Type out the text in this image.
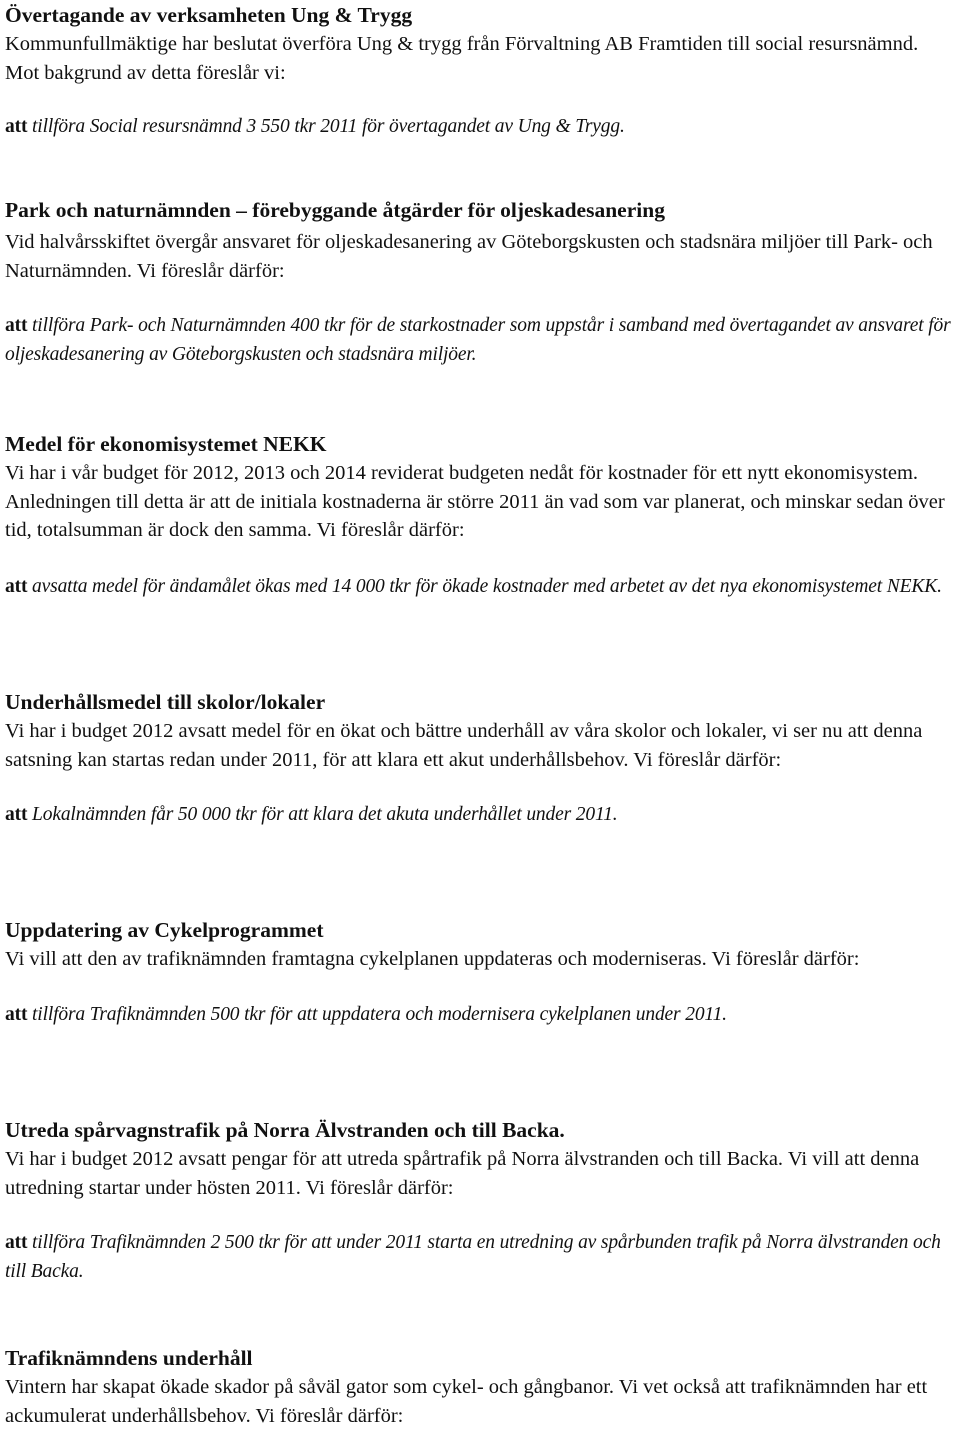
Övertagande av verksamheten Ung & Trygg

Kommunfullmäktige har beslutat överföra Ung & trygg från Förvaltning AB Framtiden till social resursnämnd. Mot bakgrund av detta föreslår vi:

att tillföra Social resursnämnd 3 550 tkr 2011 för övertagandet av Ung & Trygg.

Park och naturnämnden – förebyggande åtgärder för oljeskadesanering

Vid halvårsskiftet övergår ansvaret för oljeskadesanering av Göteborgskusten och stadsnära miljöer till Park- och Naturnämnden. Vi föreslår därför:

att tillföra Park- och Naturnämnden 400 tkr för de starkostnader som uppstår i samband med övertagandet av ansvaret för oljeskadesanering av Göteborgskusten och stadsnära miljöer.

Medel för ekonomisystemet NEKK

Vi har i vår budget för 2012, 2013 och 2014 reviderat budgeten nedåt för kostnader för ett nytt ekonomisystem. Anledningen till detta är att de initiala kostnaderna är större 2011 än vad som var planerat, och minskar sedan över tid, totalsumman är dock den samma. Vi föreslår därför:

att avsatta medel för ändamålet ökas med 14 000 tkr för ökade kostnader med arbetet av det nya ekonomisystemet NEKK.

Underhållsmedel till skolor/lokaler

Vi har i budget 2012 avsatt medel för en ökat och bättre underhåll av våra skolor och lokaler, vi ser nu att denna satsning kan startas redan under 2011, för att klara ett akut underhållsbehov. Vi föreslår därför:

att Lokalnämnden får 50 000 tkr för att klara det akuta underhållet under 2011.

Uppdatering av Cykelprogrammet

Vi vill att den av trafiknämnden framtagna cykelplanen uppdateras och moderniseras. Vi föreslår därför:

att tillföra Trafiknämnden 500 tkr för att uppdatera och modernisera cykelplanen under 2011.

Utreda spårvagnstrafik på Norra Älvstranden och till Backa.

Vi har i budget 2012 avsatt pengar för att utreda spårtrafik på Norra älvstranden och till Backa. Vi vill att denna utredning startar under hösten 2011. Vi föreslår därför:

att tillföra Trafiknämnden 2 500 tkr för att under 2011 starta en utredning av spårbunden trafik på Norra älvstranden och till Backa.

Trafiknämndens underhåll

Vintern har skapat ökade skador på såväl gator som cykel- och gångbanor. Vi vet också att trafiknämnden har ett ackumulerat underhållsbehov. Vi föreslår därför:
